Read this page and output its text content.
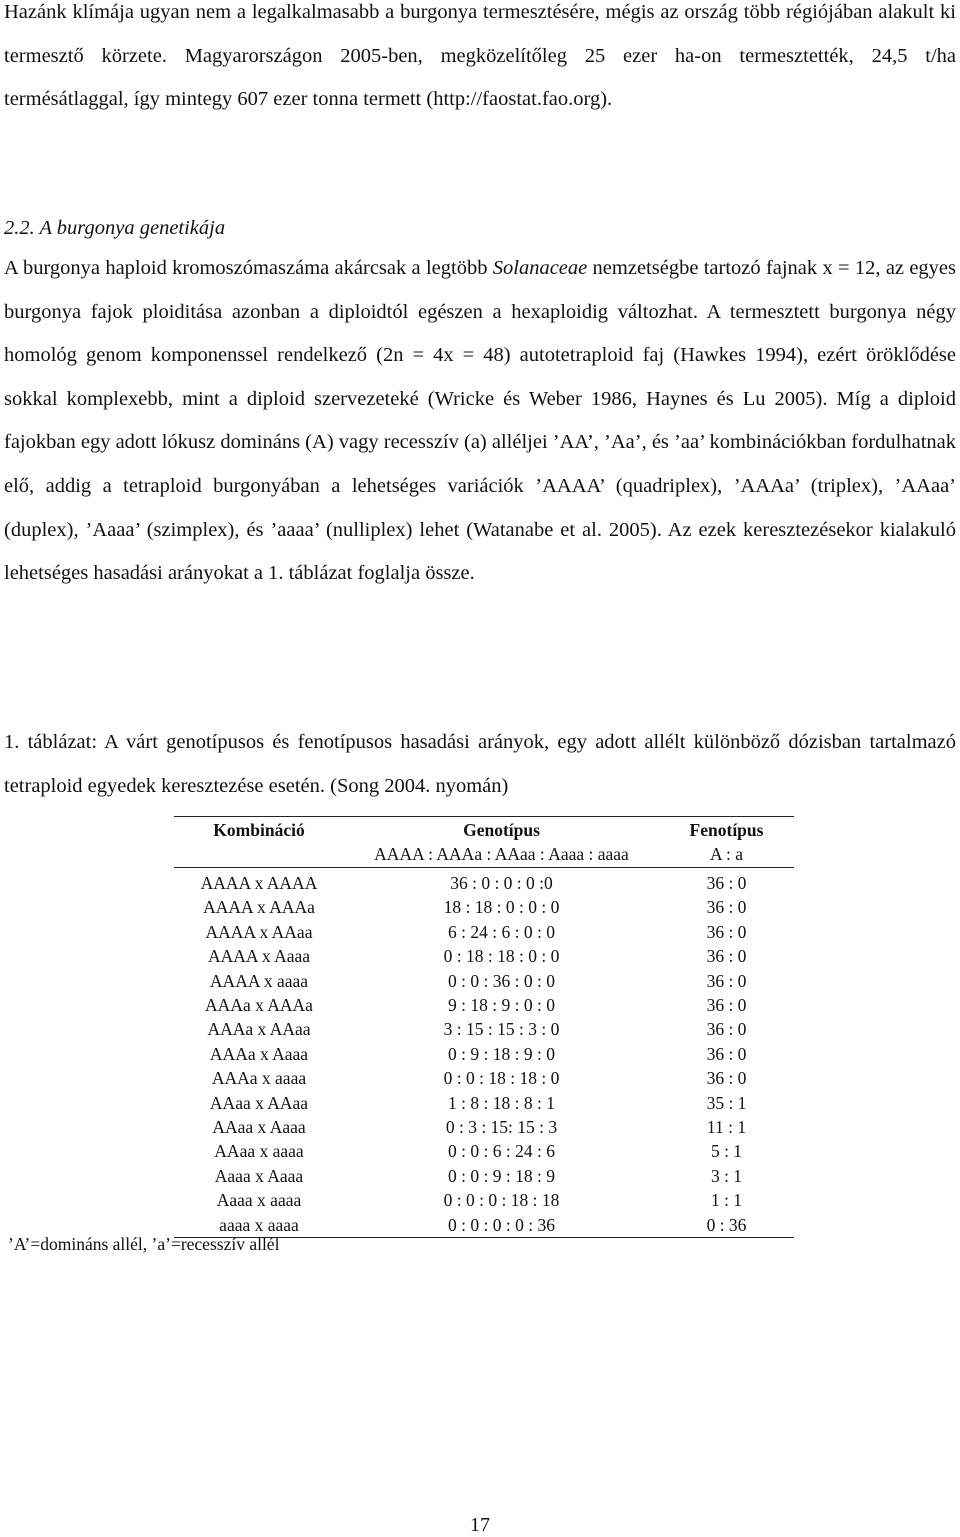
Hazánk klímája ugyan nem a legalkalmasabb a burgonya termesztésére, mégis az ország több régiójában alakult ki termesztő körzete. Magyarországon 2005-ben, megközelítőleg 25 ezer ha-on termesztették, 24,5 t/ha termésátlaggal, így mintegy 607 ezer tonna termett (http://faostat.fao.org).

2.2. A burgonya genetikája

A burgonya haploid kromoszómaszáma akárcsak a legtöbb Solanaceae nemzetségbe tartozó fajnak x = 12, az egyes burgonya fajok ploiditása azonban a diploidtól egészen a hexaploidig változhat. A termesztett burgonya négy homológ genom komponenssel rendelkező (2n = 4x = 48) autotetraploid faj (Hawkes 1994), ezért öröklődése sokkal komplexebb, mint a diploid szervezeteké (Wricke és Weber 1986, Haynes és Lu 2005). Míg a diploid fajokban egy adott lókusz domináns (A) vagy recesszív (a) alléljei ’AA’, ’Aa’, és ’aa’ kombinációkban fordulhatnak elő, addig a tetraploid burgonyában a lehetséges variációk ’AAAA’ (quadriplex), ’AAAa’ (triplex), ’AAaa’ (duplex), ’Aaaa’ (szimplex), és ’aaaa’ (nulliplex) lehet (Watanabe et al. 2005). Az ezek keresztezésekor kialakuló lehetséges hasadási arányokat a 1. táblázat foglalja össze.

1. táblázat: A várt genotípusos és fenotípusos hasadási arányok, egy adott allélt különböző dózisban tartalmazó tetraploid egyedek keresztezése esetén. (Song 2004. nyomán)

Kombináció	Genotípus	Fenotípus
	AAAA : AAAa : AAaa : Aaaa : aaaa	A : a
AAAA x AAAA	36 : 0 : 0 : 0 :0	36 : 0
AAAA x AAAa	18 : 18 : 0 : 0 : 0	36 : 0
AAAA x AAaa	6 : 24 : 6 : 0 : 0	36 : 0
AAAA x Aaaa	0 : 18 : 18 : 0 : 0	36 : 0
AAAA x aaaa	0 : 0 : 36 : 0 : 0	36 : 0
AAAa x AAAa	9 : 18 : 9 : 0 : 0	36 : 0
AAAa x AAaa	3 : 15 : 15 : 3 : 0	36 : 0
AAAa x Aaaa	0 : 9 : 18 : 9 : 0	36 : 0
AAAa x aaaa	0 : 0 : 18 : 18 : 0	36 : 0
AAaa x AAaa	1 : 8 : 18 : 8 : 1	35 : 1
AAaa x Aaaa	0 : 3 : 15: 15 : 3	11 : 1
AAaa x aaaa	0 : 0 : 6 : 24 : 6	5 : 1
Aaaa x Aaaa	0 : 0 : 9 : 18 : 9	3 : 1
Aaaa x aaaa	0 : 0 : 0 : 18 : 18	1 : 1
aaaa x aaaa	0 : 0 : 0 : 0 : 36	0 : 36
’A’=domináns allél, ’a’=recesszív allél
17
